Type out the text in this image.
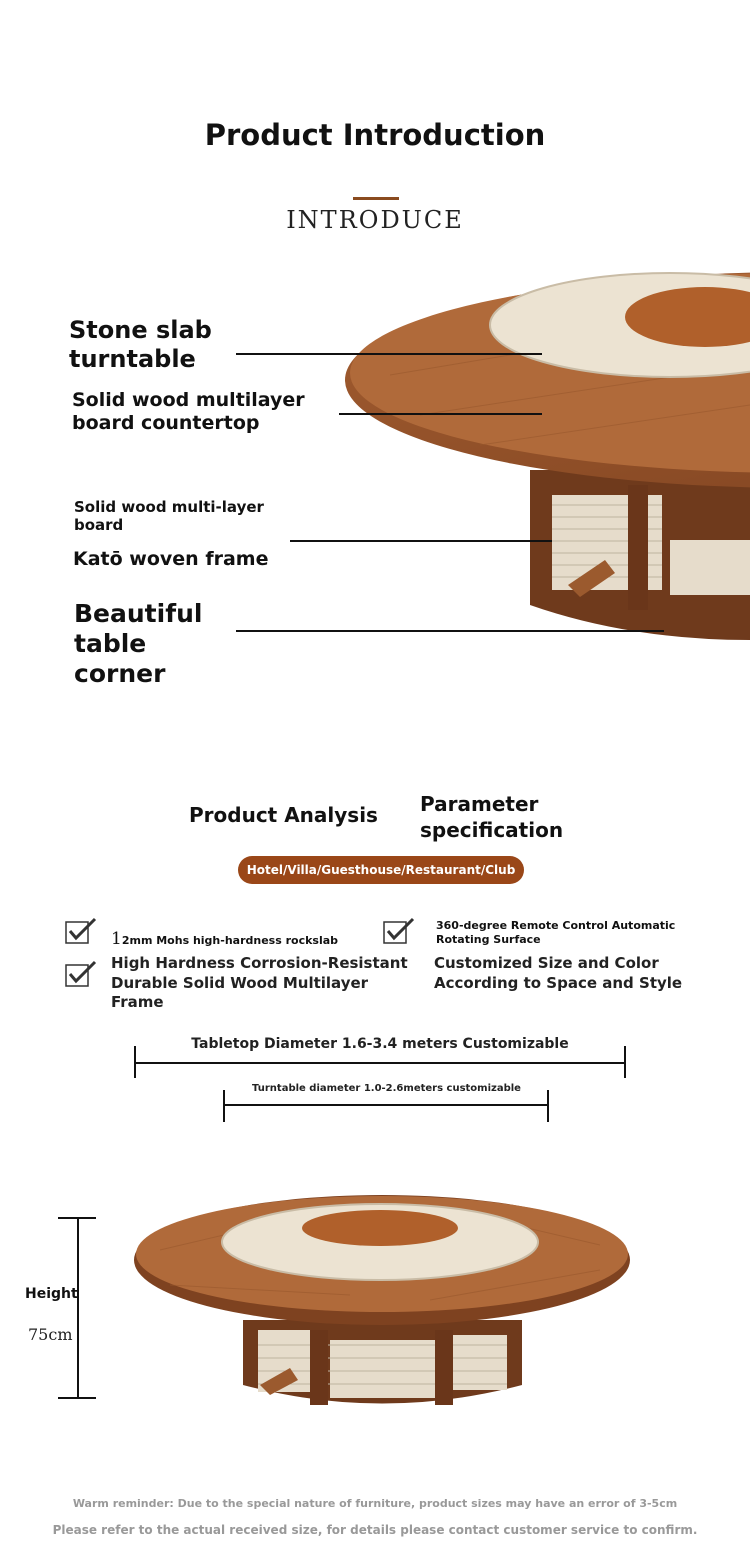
Product Introduction
INTRODUCE
Stone slab turntable
Solid wood multilayer board countertop
Solid wood multi-layer board
Katō woven frame
Beautiful table corner
Product Analysis Parameter specification
Hotel/Villa/Guesthouse/Restaurant/Club
12mm Mohs high-hardness rockslab
360-degree Remote Control Automatic Rotating Surface
High Hardness Corrosion-Resistant Durable Solid Wood Multilayer Frame
Customized Size and Color According to Space and Style
Tabletop Diameter 1.6-3.4 meters Customizable
Turntable diameter 1.0-2.6meters customizable
Height
75cm
Warm reminder: Due to the special nature of furniture, product sizes may have an error of 3-5cm
Please refer to the actual received size, for details please contact customer service to confirm.
